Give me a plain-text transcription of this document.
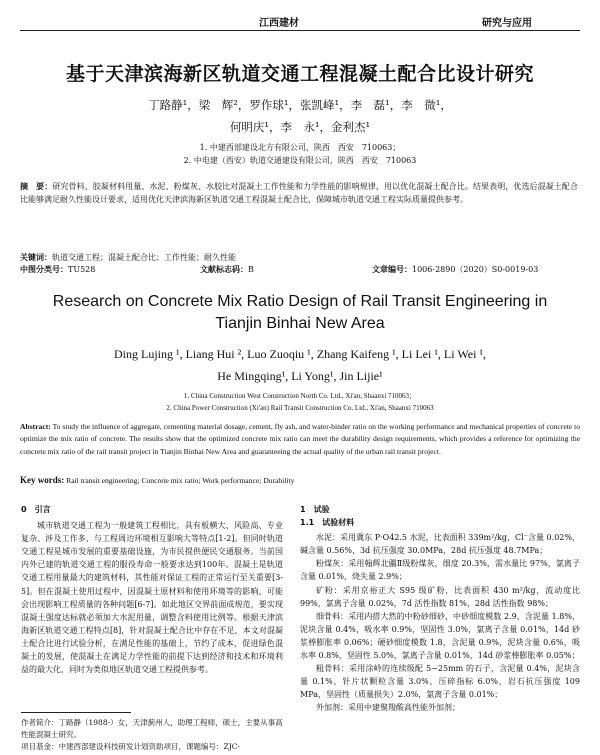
江西建材	研究与应用
基于天津滨海新区轨道交通工程混凝土配合比设计研究
丁路静¹，梁　辉²，罗作球¹，张凯峰¹，李　磊¹，李　微¹，
何明庆¹，李　永¹，金利杰¹
1. 中建西部建设北方有限公司，陕西　西安　710063；
2. 中电建（西安）轨道交通建设有限公司，陕西　西安　710063
摘　要：研究骨料、胶凝材料用量、水泥、粉煤灰、水胶比对混凝土工作性能和力学性能的影响规律，用以优化混凝土配合比。结果表明，优选后混凝土配合比能够满足耐久性能设计要求，适用优化天津滨海新区轨道交通工程混凝土配合比，保障城市轨道交通工程实际质量提供参考。
关键词：轨道交通工程；混凝土配合比；工作性能；耐久性能
中图分类号：TU528	文献标志码：B	文章编号：1006-2890（2020）S0-0019-03
Research on Concrete Mix Ratio Design of Rail Transit Engineering in
Tianjin Binhai New Area
Ding Lujing ¹, Liang Hui ², Luo Zuoqiu ¹, Zhang Kaifeng ¹, Li Lei ¹, Li Wei ¹,
He Mingqing¹, Li Yong¹, Jin Lijie¹
1. China Construction West Construction North Co. Ltd., Xi'an, Shaanxi 710063；
2. China Power Construction (Xi'an) Rail Transit Construction Co. Ltd., Xi'an, Shaanxi 710063
Abstract: To study the influence of aggregate, cementing material dosage, cement, fly ash, and water-binder ratio on the working performance and mechanical properties of concrete to optimize the mix ratio of concrete. The results show that the optimized concrete mix ratio can meet the durability design requirements, which provides a reference for optimizing the concrete mix ratio of the rail transit project in Tianjin Binhai New Area and guaranteeing the actual quality of the urban rail transit project.
Key words: Rail transit engineering; Concrete mix ratio; Work performance; Durability
0　引言

城市轨道交通工程为一般建筑工程相比，具有板横大、风险高、专业复杂、涉及工作多、与工程周边环境相互影响大等特点[1-2]。但同时轨道交通工程是城市发展的重要基础设施，为市民提供便民交通服务。当前国内外已建的轨道交通工程的服役寿命一般要求达到100年。混凝土是轨道交通工程用量最大的建筑材料，其性能对保证工程的正常运行至关重要[3-5]。但在混凝土使用过程中，因混凝土原材料和使用环境等的影响，可能会出现影响工程质量的各种问题[6-7]。如此地区交界前面成规范，要实现混凝土强度达标就必须加大水泥用量，调整含料使用比例等。根据天津滨海新区轨道交通工程特点[8]，针对混凝土配合比中存在不足，本文对混凝土配合比进行试验分析，在满足性能的基础上，节约了成本，促进绿色混凝土的发展，使混凝土在满足力学性能的前提下达到经济和技术和环境利益的最大化，同时为类似地区轨道交通工程提供参考。

作者简介：丁路静（1988-）女，天津蓟州人，助理工程师，硕士，主要从事高性能混凝土研究。
项目基金：中建西部建设科技研发计划资助项目，课题编号：ZJC-
1　试验
1.1　试验材料

水泥：采用冀东 P·O42.5 水泥，比表面积 339m²/kg，Cl⁻含量 0.02%，碱含量 0.56%，3d 抗压强度 30.0MPa，28d 抗压强度 48.7MPa；

粉煤灰：采用翰辉北疆Ⅱ级粉煤灰，细度 20.3%，需水量比 97%，氯离子含量 0.01%，烧失量 2.9%；

矿粉：采用京裕正大 S95 级矿粉，比表面积 430 m²/kg，流动度比 99%，氯离子含量 0.02%，7d 活性指数 81%，28d 活性指数 98%；

细骨料：采用内搭大然的中粉砂细砂，中砂细度模数 2.9，含泥量 1.8%，泥块含量 0.4%，吸水率 0.9%，坚固性 3.0%，氯离子含量 0.01%，14d 砂浆棒膨胀率 0.06%；硬砂细度模数 1.8，含泥量 0.9%，泥块含量 0.6%，吸水率 0.8%，坚固性 5.0%，氯离子含量 0.01%，14d 砂浆棒膨胀率 0.05%；

粗骨料：采用涂岭的连续级配 5~25mm 的石子，含泥量 0.4%，泥块含量 0.1%，针片状颗粒含量 3.0%，压碎指标 6.0%，岩石抗压强度 109 MPa，坚固性（质量损失）2.0%，氯离子含量 0.01%；

外加剂：采用中建聚羧酸高性能外加剂；
